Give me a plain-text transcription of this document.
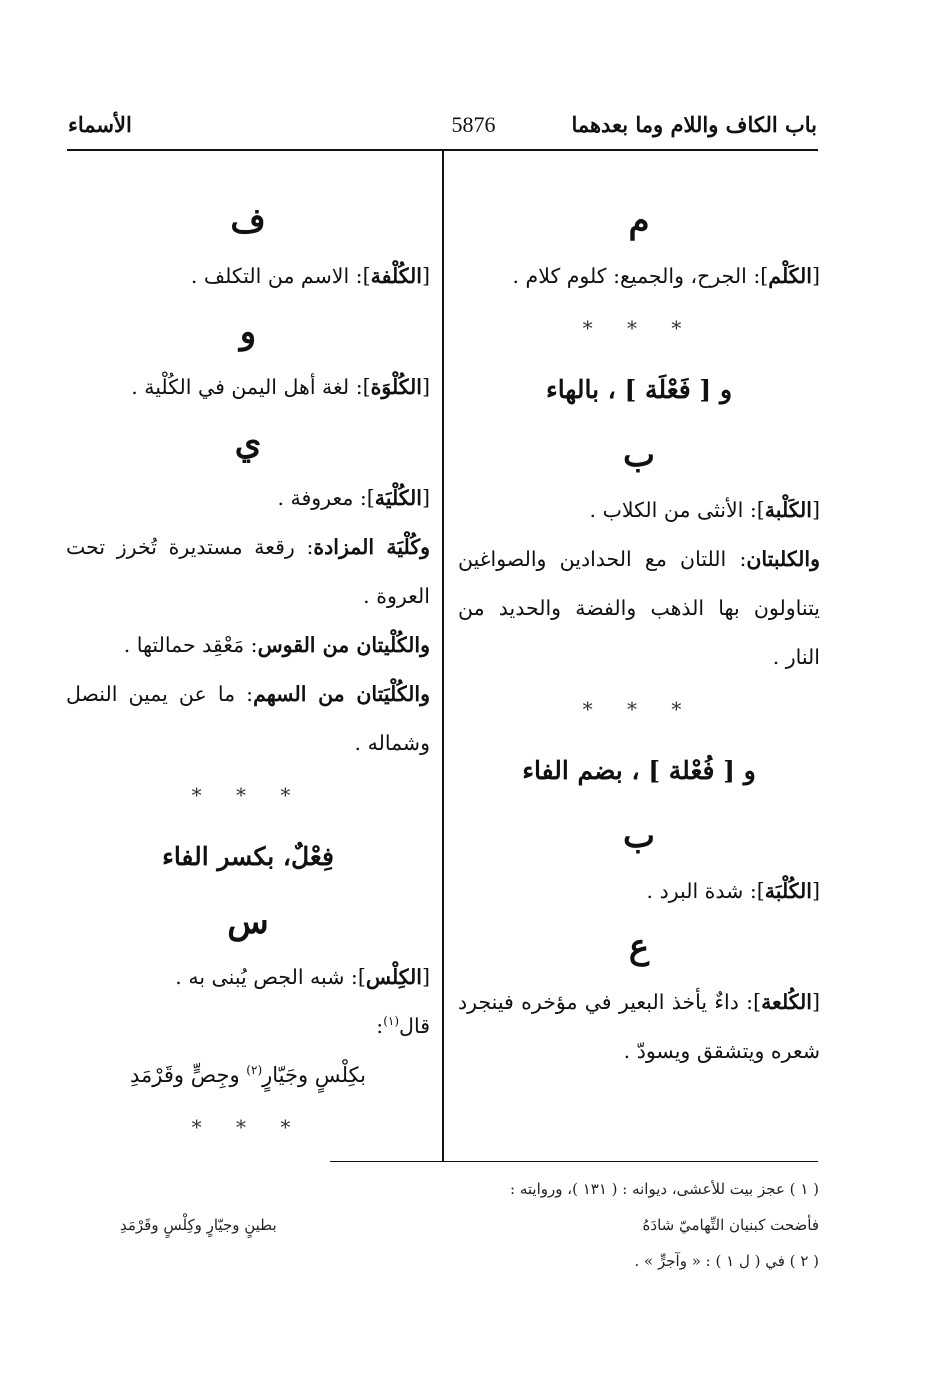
باب الكاف واللام وما بعدهما
5876
الأسماء
م

[الكَلْم]: الجرح، والجميع: كلوم كلام .

* * *
و [ فَعْلَة ] ، بالهاء
ب

[الكَلْبة]: الأنثى من الكلاب .

والكلبتان: اللتان مع الحدادين والصواغين يتناولون بها الذهب والفضة والحديد من النار .

* * *
و [ فُعْلة ] ، بضم الفاء
ب

[الكُلْبَة]: شدة البرد .

ع

[الكُلعة]: داءٌ يأخذ البعير في مؤخره فينجرد شعره ويتشقق ويسودّ .

ف

[الكُلْفة]: الاسم من التكلف .

و

[الكُلْوَة]: لغة أهل اليمن في الكُلْية .

ي

[الكُلْيَة]: معروفة .

وكُلْيَة المزادة: رقعة مستديرة تُخرز تحت العروة .

والكُلْيتان من القوس: مَعْقِد حمالتها .

والكُلْيَتان من السهم: ما عن يمين النصل وشماله .

* * *
فِعْلٌ، بكسر الفاء
س

[الكِلْس]: شبه الجص يُبنى به .

قال$^{(١)}$:

بكِلْسٍ وجَيّارٍ$^{(٢)}$ وجِصٍّ وقَرْمَدِ

* * *
( ١ ) عجز بيت للأعشى، ديوانه : ( ١٣١ )، وروايته :
فأضحت كبنيان التِّهاميّ شادَهُ
بطينٍ وجيّارٍ وكِلْسٍ وقَرْمَدِ
( ٢ ) في ( ل ١ ) : « وآجرٍّ » .
